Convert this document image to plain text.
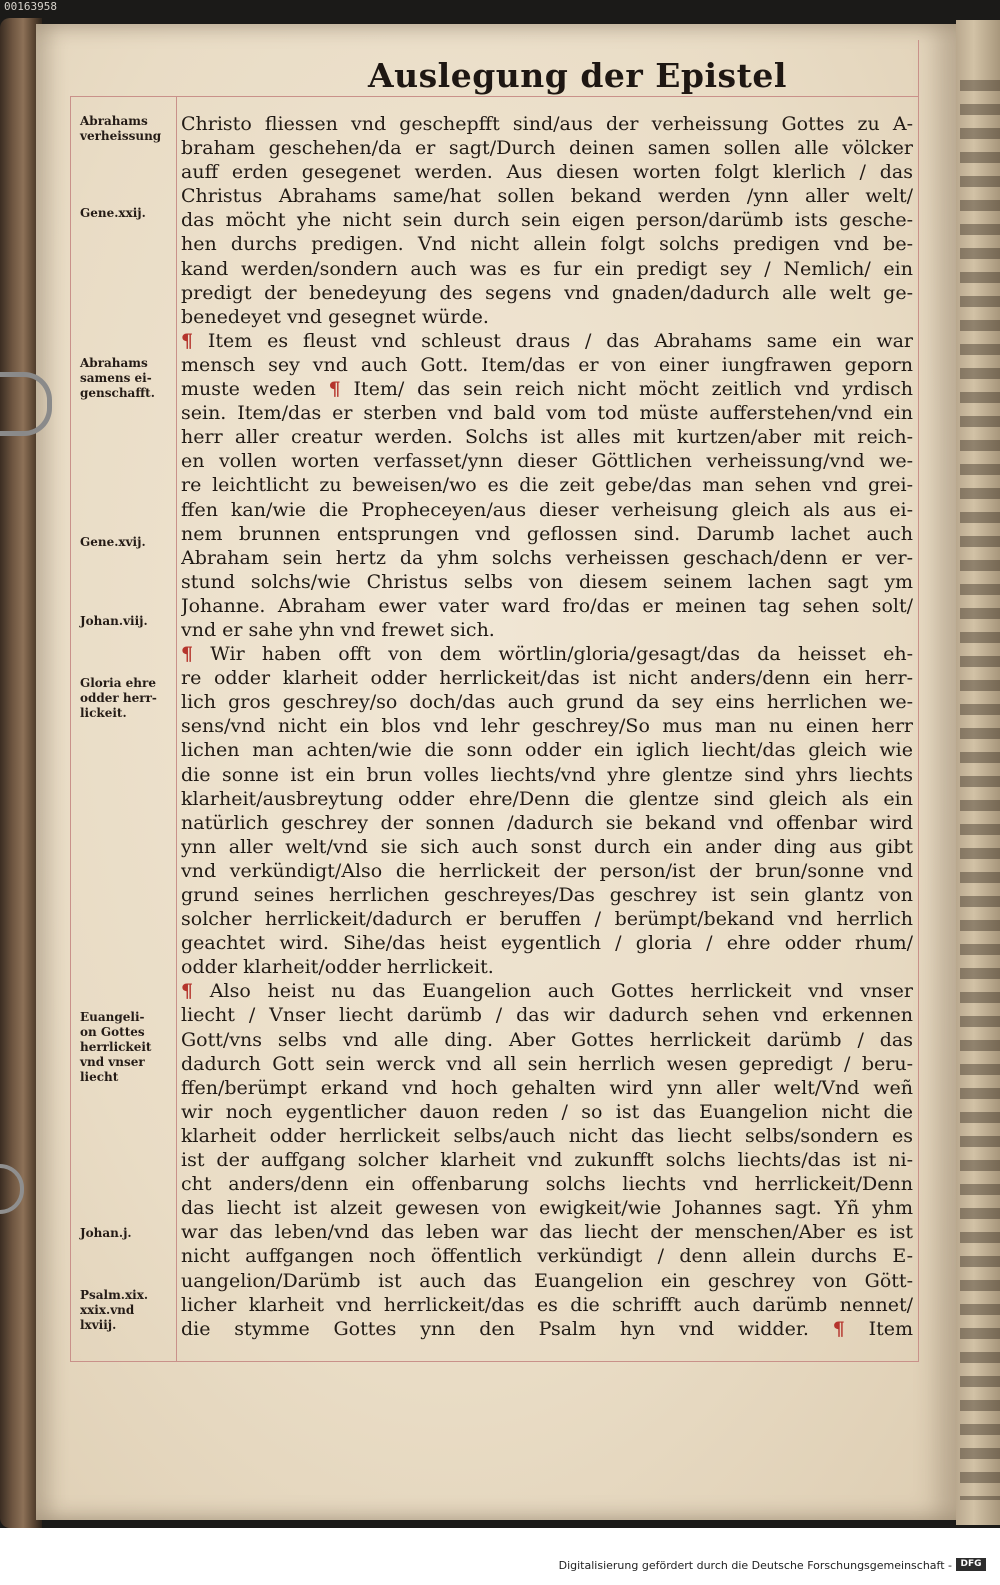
00163958
Auslegung der Epistel
Abrahams
verheissung
Gene.xxij.
Abrahams
samens ei-
genschafft.
Gene.xvij.
Johan.viij.
Gloria ehre
odder herr-
lickeit.
Euangeli-
on Gottes
herrlickeit
vnd vnser
liecht
Johan.j.
Psalm.xix.
xxix.vnd
lxviij.
Christo fliessen vnd geschepfft sind/aus der verheissung Gottes zu A-
braham geschehen/da er sagt/Durch deinen samen sollen alle völcker
auff erden gesegenet werden. Aus diesen worten folgt klerlich / das
Christus Abrahams same/hat sollen bekand werden /ynn aller welt/
das möcht yhe nicht sein durch sein eigen person/darümb ists gesche-
hen durchs predigen. Vnd nicht allein folgt solchs predigen vnd be-
kand werden/sondern auch was es fur ein predigt sey / Nemlich/ ein
predigt der benedeyung des segens vnd gnaden/dadurch alle welt ge-
benedeyet vnd gesegnet würde.
¶ Item es fleust vnd schleust draus / das Abrahams same ein war
mensch sey vnd auch Gott. Item/das er von einer iungfrawen geporn
muste weden ¶ Item/ das sein reich nicht möcht zeitlich vnd yrdisch
sein. Item/das er sterben vnd bald vom tod müste aufferstehen/vnd ein
herr aller creatur werden. Solchs ist alles mit kurtzen/aber mit reich-
en vollen worten verfasset/ynn dieser Göttlichen verheissung/vnd we-
re leichtlicht zu beweisen/wo es die zeit gebe/das man sehen vnd grei-
ffen kan/wie die Propheceyen/aus dieser verheisung gleich als aus ei-
nem brunnen entsprungen vnd geflossen sind. Darumb lachet auch
Abraham sein hertz da yhm solchs verheissen geschach/denn er ver-
stund solchs/wie Christus selbs von diesem seinem lachen sagt ym
Johanne. Abraham ewer vater ward fro/das er meinen tag sehen solt/
vnd er sahe yhn vnd frewet sich.
¶ Wir haben offt von dem wörtlin/gloria/gesagt/das da heisset eh-
re odder klarheit odder herrlickeit/das ist nicht anders/denn ein herr-
lich gros geschrey/so doch/das auch grund da sey eins herrlichen we-
sens/vnd nicht ein blos vnd lehr geschrey/So mus man nu einen herr
lichen man achten/wie die sonn odder ein iglich liecht/das gleich wie
die sonne ist ein brun volles liechts/vnd yhre glentze sind yhrs liechts
klarheit/ausbreytung odder ehre/Denn die glentze sind gleich als ein
natürlich geschrey der sonnen /dadurch sie bekand vnd offenbar wird
ynn aller welt/vnd sie sich auch sonst durch ein ander ding aus gibt
vnd verkündigt/Also die herrlickeit der person/ist der brun/sonne vnd
grund seines herrlichen geschreyes/Das geschrey ist sein glantz von
solcher herrlickeit/dadurch er beruffen / berümpt/bekand vnd herrlich
geachtet wird. Sihe/das heist eygentlich / gloria / ehre odder rhum/
odder klarheit/odder herrlickeit.
¶ Also heist nu das Euangelion auch Gottes herrlickeit vnd vnser
liecht / Vnser liecht darümb / das wir dadurch sehen vnd erkennen
Gott/vns selbs vnd alle ding. Aber Gottes herrlickeit darümb / das
dadurch Gott sein werck vnd all sein herrlich wesen gepredigt / beru-
ffen/berümpt erkand vnd hoch gehalten wird ynn aller welt/Vnd weñ
wir noch eygentlicher dauon reden / so ist das Euangelion nicht die
klarheit odder herrlickeit selbs/auch nicht das liecht selbs/sondern es
ist der auffgang solcher klarheit vnd zukunfft solchs liechts/das ist ni-
cht anders/denn ein offenbarung solchs liechts vnd herrlickeit/Denn
das liecht ist alzeit gewesen von ewigkeit/wie Johannes sagt. Yñ yhm
war das leben/vnd das leben war das liecht der menschen/Aber es ist
nicht auffgangen noch öffentlich verkündigt / denn allein durchs E-
uangelion/Darümb ist auch das Euangelion ein geschrey von Gött-
licher klarheit vnd herrlickeit/das es die schrifft auch darümb nennet/
die stymme Gottes ynn den Psalm hyn vnd widder. ¶ Item
Digitalisierung gefördert durch die Deutsche Forschungsgemeinschaft - DFG
